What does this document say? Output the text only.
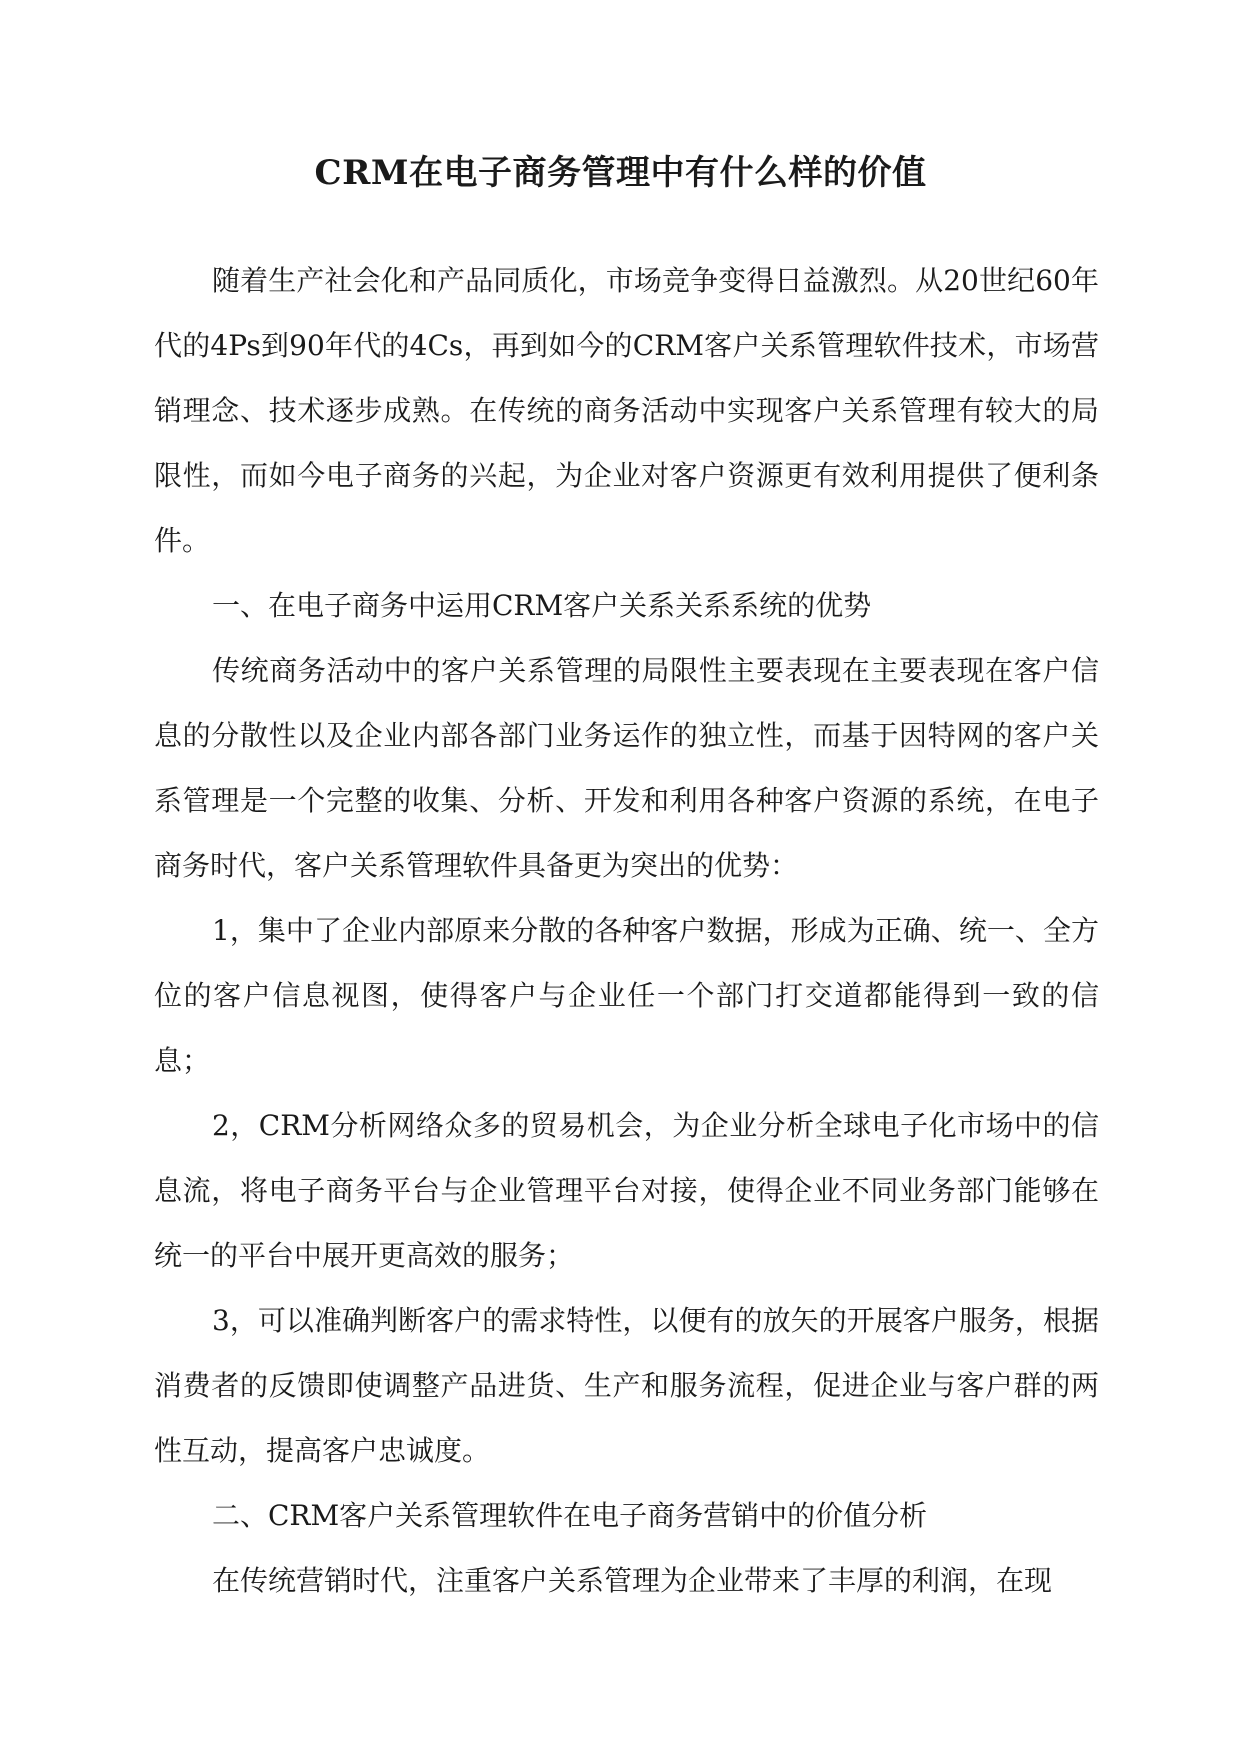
CRM在电子商务管理中有什么样的价值

随着生产社会化和产品同质化，市场竞争变得日益激烈。从20世纪60年代的4Ps到90年代的4Cs，再到如今的CRM客户关系管理软件技术，市场营销理念、技术逐步成熟。在传统的商务活动中实现客户关系管理有较大的局限性，而如今电子商务的兴起，为企业对客户资源更有效利用提供了便利条件。

一、在电子商务中运用CRM客户关系关系系统的优势

传统商务活动中的客户关系管理的局限性主要表现在主要表现在客户信息的分散性以及企业内部各部门业务运作的独立性，而基于因特网的客户关系管理是一个完整的收集、分析、开发和利用各种客户资源的系统，在电子商务时代，客户关系管理软件具备更为突出的优势：

1，集中了企业内部原来分散的各种客户数据，形成为正确、统一、全方位的客户信息视图，使得客户与企业任一个部门打交道都能得到一致的信息；

2，CRM分析网络众多的贸易机会，为企业分析全球电子化市场中的信息流，将电子商务平台与企业管理平台对接，使得企业不同业务部门能够在统一的平台中展开更高效的服务；

3，可以准确判断客户的需求特性，以便有的放矢的开展客户服务，根据消费者的反馈即使调整产品进货、生产和服务流程，促进企业与客户群的两性互动，提高客户忠诚度。

二、CRM客户关系管理软件在电子商务营销中的价值分析

在传统营销时代，注重客户关系管理为企业带来了丰厚的利润，在现
